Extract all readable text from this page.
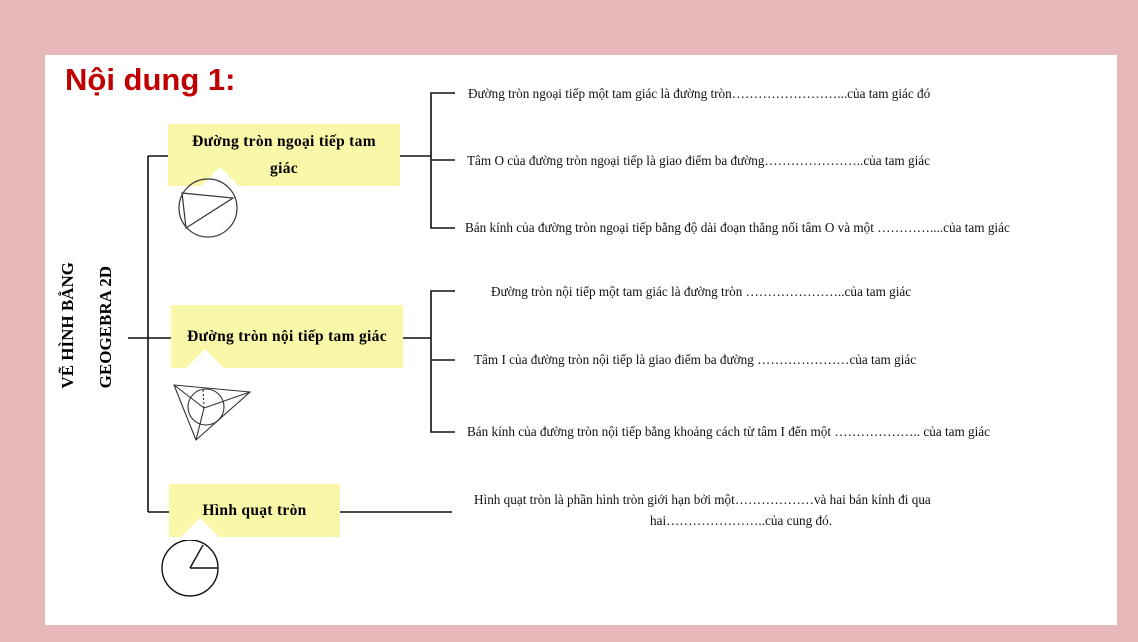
Nội dung 1:
VẼ HÌNH BẰNG GEOGEBRA 2D
Đường tròn ngoại tiếp tam giác
Đường tròn nội tiếp tam giác
Hình quạt tròn
Đường tròn ngoại tiếp một tam giác là đường tròn……………………...của tam giác đó
Tâm O của đường tròn ngoại tiếp là giao điểm ba đường…………………..của tam giác
Bán kính của đường tròn ngoại tiếp bằng độ dài đoạn thẳng nối tâm O và một …………....của tam giác
Đường tròn nội tiếp một tam giác là đường tròn …………………..của tam giác
Tâm I của đường tròn nội tiếp là giao điểm ba đường …………………của tam giác
Bán kính của đường tròn nội tiếp bằng khoảng cách từ tâm I đến một ……………….. của tam giác
Hình quạt tròn là phần hình tròn giới hạn bởi một………………và hai bán kính đi qua
hai…………………..của cung đó.
